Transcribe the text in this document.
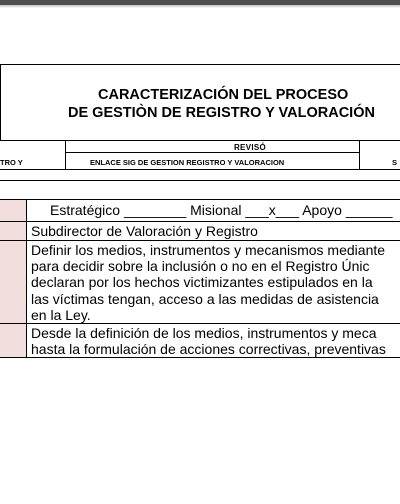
CARACTERIZACIÓN DEL PROCESO
DE GESTIÒN DE REGISTRO Y VALORACIÓN
REVISÓ
TRO Y	ENLACE SIG DE GESTION REGISTRO Y VALORACION	S
Estratégico ________ Misional ___x___ Apoyo ______
Subdirector de Valoración y Registro
Definir los medios, instrumentos y mecanismos mediante
para decidir sobre la inclusión o no en el Registro Únic
declaran por los hechos victimizantes estipulados en la
las víctimas tengan, acceso a las medidas de asistencia
en la Ley.
Desde la definición de los medios, instrumentos y meca
hasta la formulación de acciones correctivas, preventivas
